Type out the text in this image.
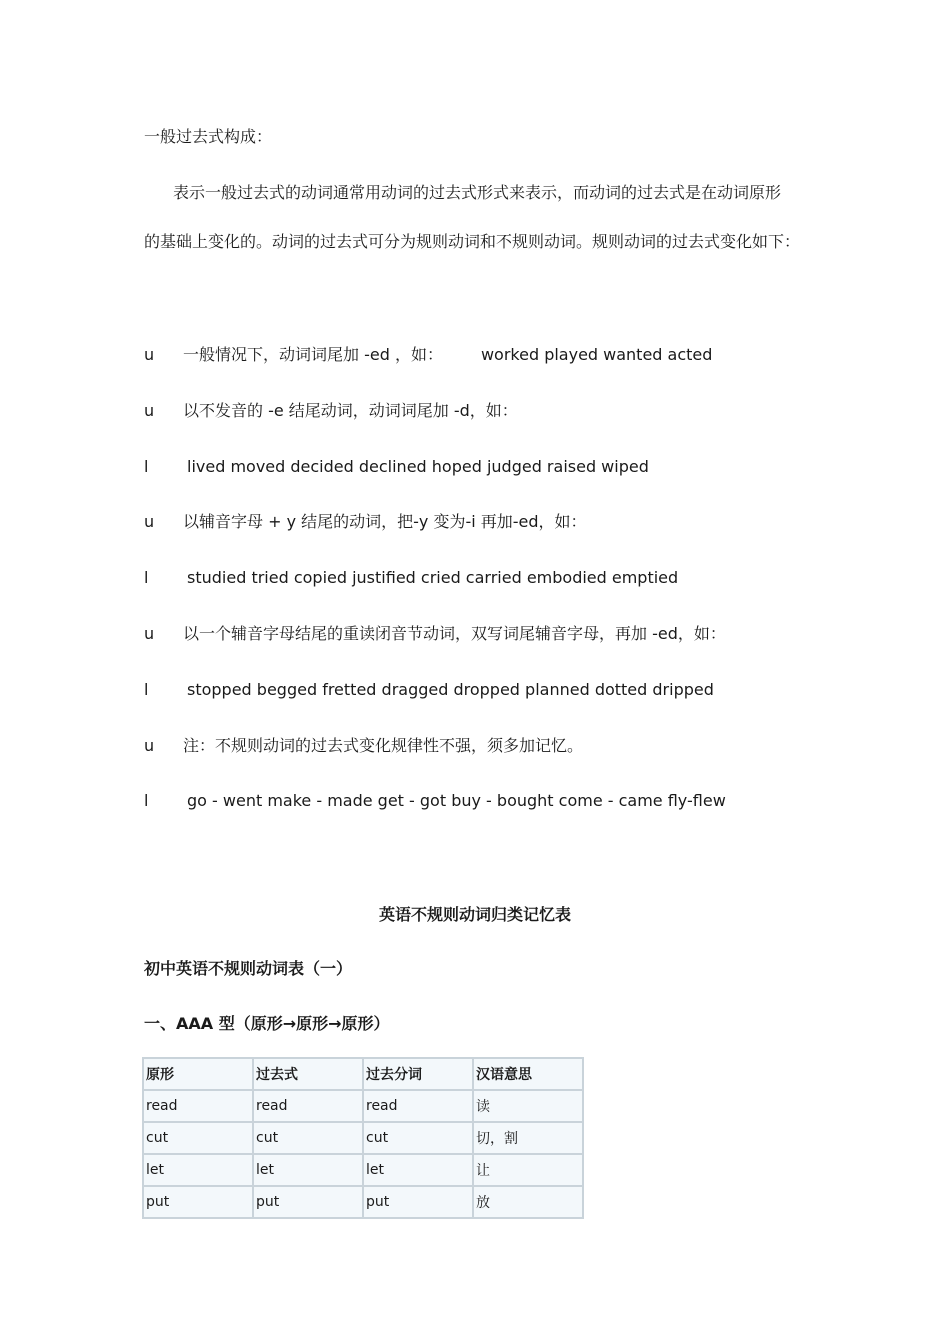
一般过去式构成：
表示一般过去式的动词通常用动词的过去式形式来表示，而动词的过去式是在动词原形
的基础上变化的。动词的过去式可分为规则动词和不规则动词。规则动词的过去式变化如下：
u 一般情况下，动词词尾加 -ed ，如： worked played wanted acted
u 以不发音的 -e 结尾动词，动词词尾加 -d，如：
l lived moved decided declined hoped judged raised wiped
u 以辅音字母 + y 结尾的动词，把-y 变为-i 再加-ed，如：
l studied tried copied justified cried carried embodied emptied
u 以一个辅音字母结尾的重读闭音节动词，双写词尾辅音字母，再加 -ed，如：
l stopped begged fretted dragged dropped planned dotted dripped
u 注：不规则动词的过去式变化规律性不强，须多加记忆。
l go - went make - made get - got buy - bought come - came fly-flew
英语不规则动词归类记忆表
初中英语不规则动词表（一）
一、AAA 型（原形→原形→原形）
原形	过去式	过去分词	汉语意思
read	read	read	读
cut	cut	cut	切，割
let	let	let	让
put	put	put	放
